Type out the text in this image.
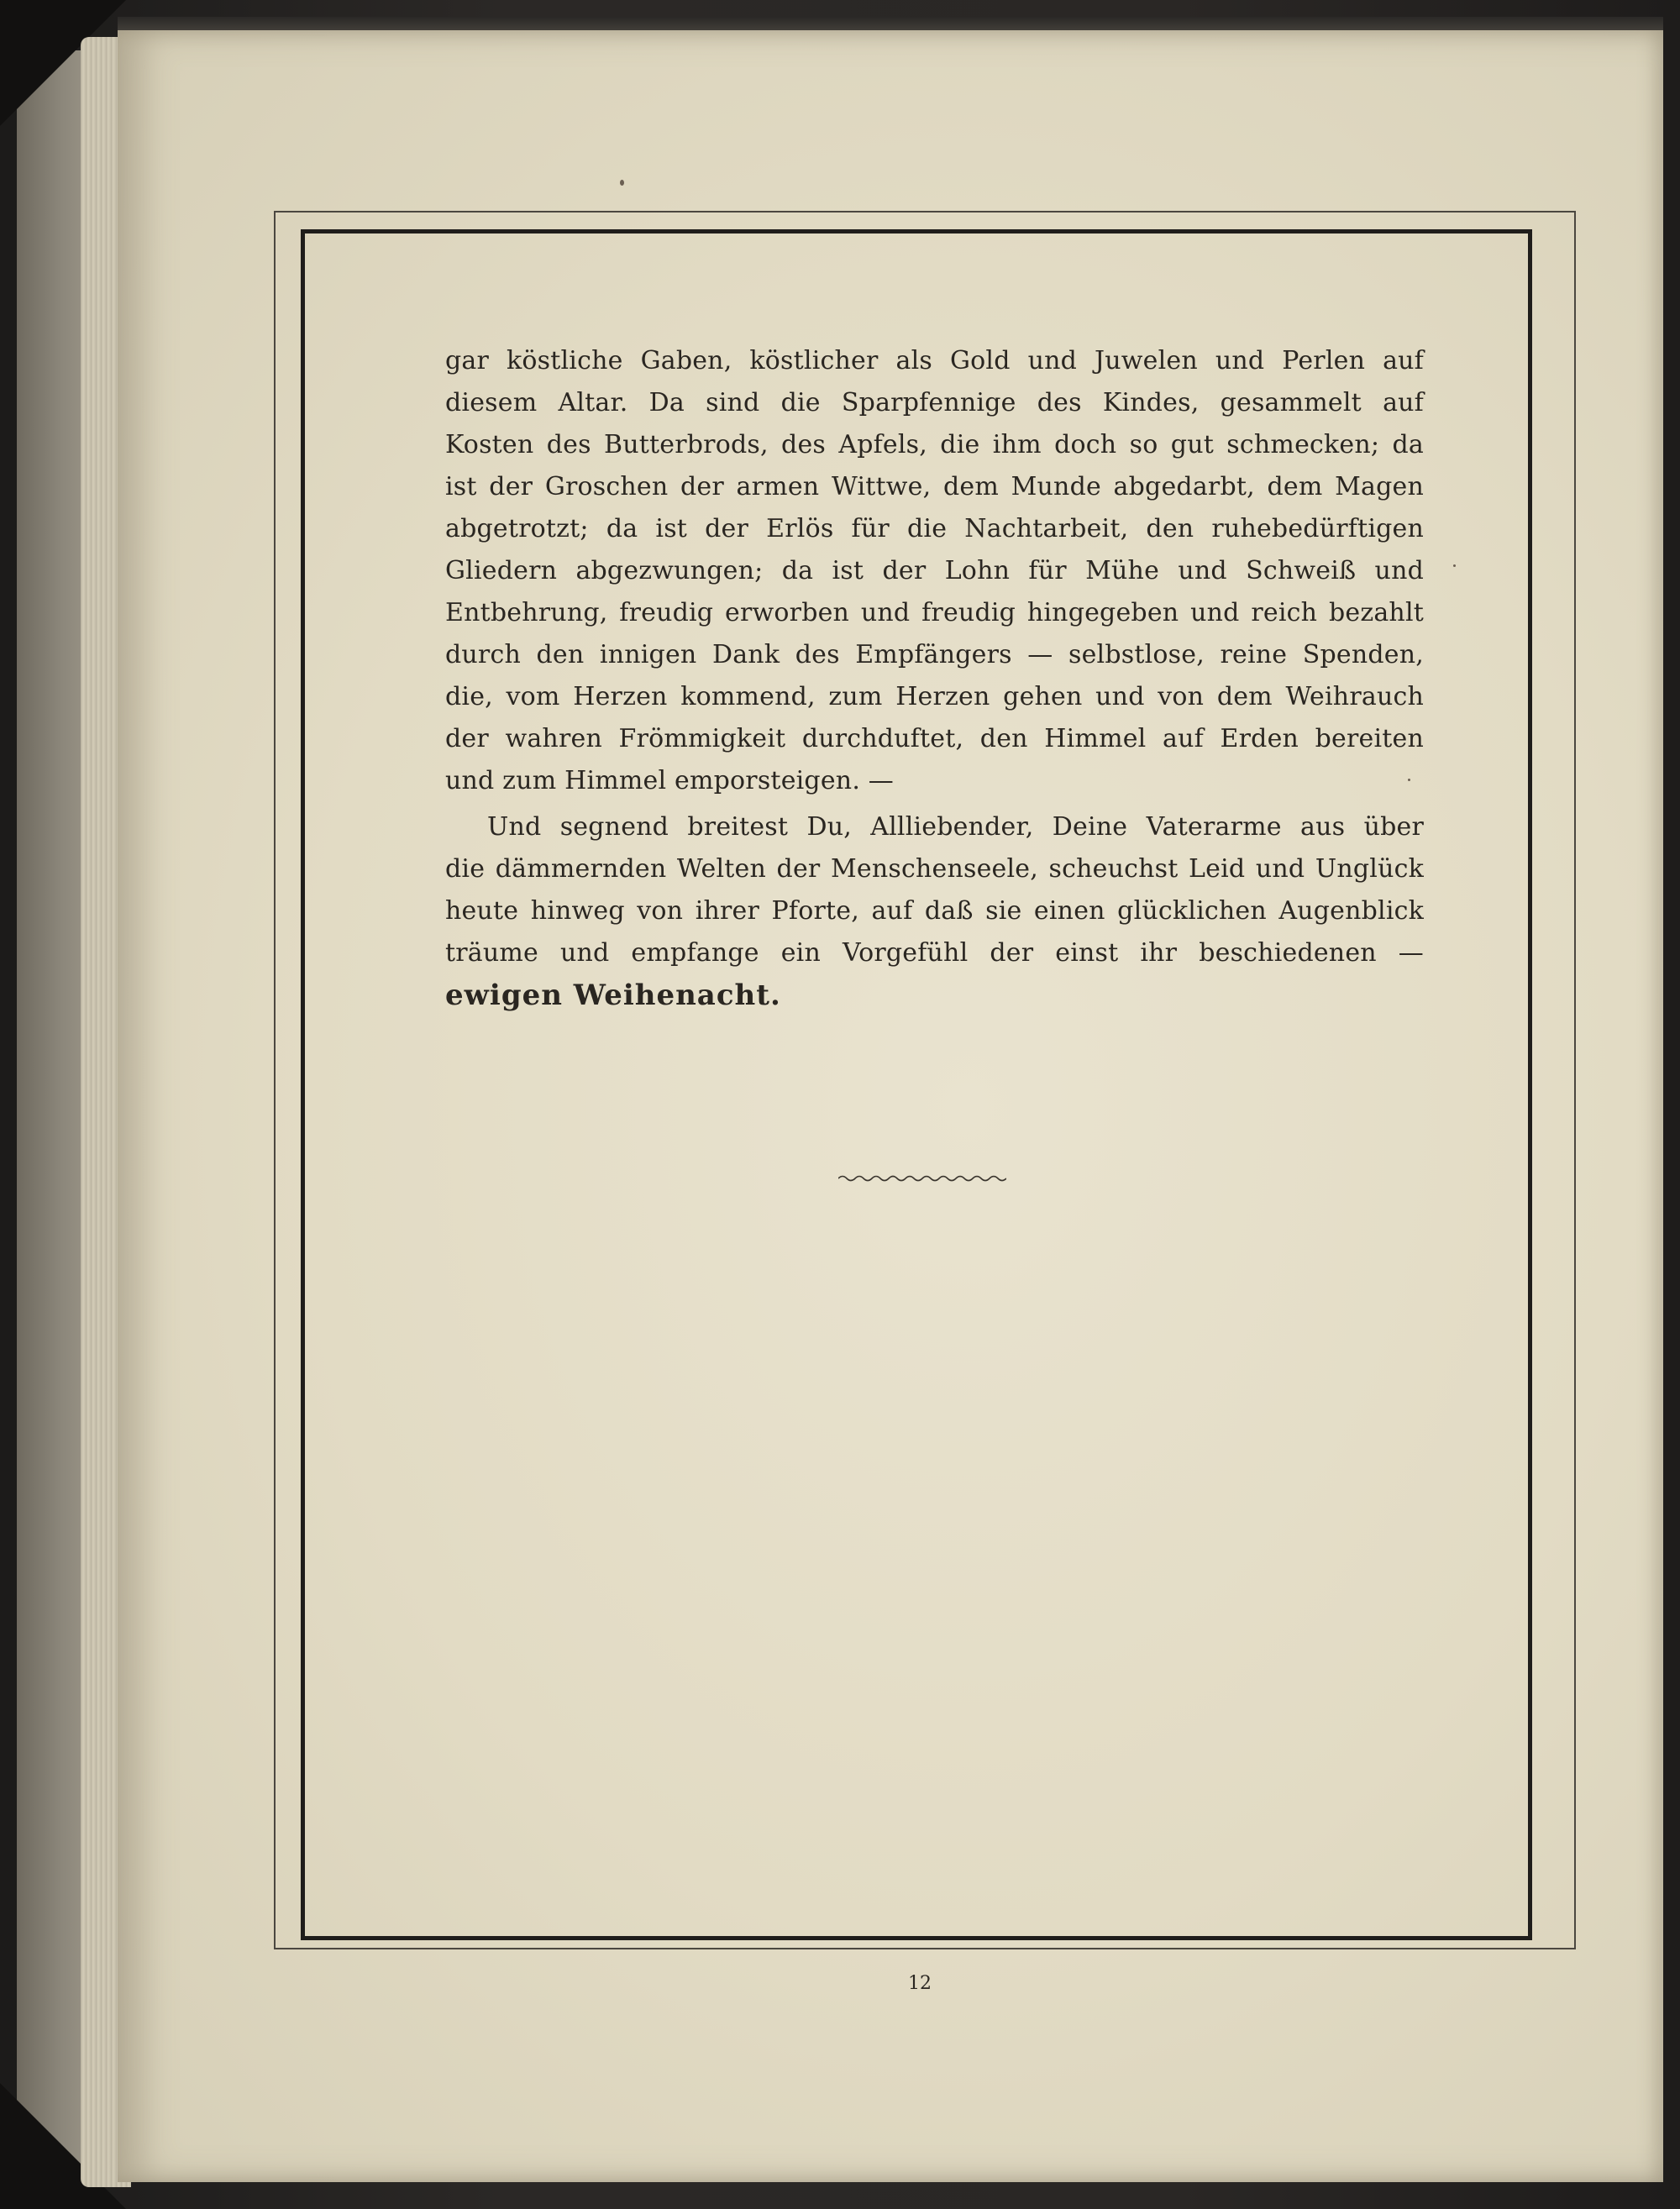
gar köstliche Gaben, köstlicher als Gold und Juwelen und Perlen auf
diesem Altar. Da sind die Sparpfennige des Kindes, gesammelt auf
Kosten des Butterbrods, des Apfels, die ihm doch so gut schmecken; da
ist der Groschen der armen Wittwe, dem Munde abgedarbt, dem Magen
abgetrotzt; da ist der Erlös für die Nachtarbeit, den ruhebedürftigen
Gliedern abgezwungen; da ist der Lohn für Mühe und Schweiß und
Entbehrung, freudig erworben und freudig hingegeben und reich bezahlt
durch den innigen Dank des Empfängers — selbstlose, reine Spenden,
die, vom Herzen kommend, zum Herzen gehen und von dem Weihrauch
der wahren Frömmigkeit durchduftet, den Himmel auf Erden bereiten
und zum Himmel emporsteigen. —
Und segnend breitest Du, Allliebender, Deine Vaterarme aus über
die dämmernden Welten der Menschenseele, scheuchst Leid und Unglück
heute hinweg von ihrer Pforte, auf daß sie einen glücklichen Augenblick
träume und empfange ein Vorgefühl der einst ihr beschiedenen —
ewigen Weihenacht.
12
